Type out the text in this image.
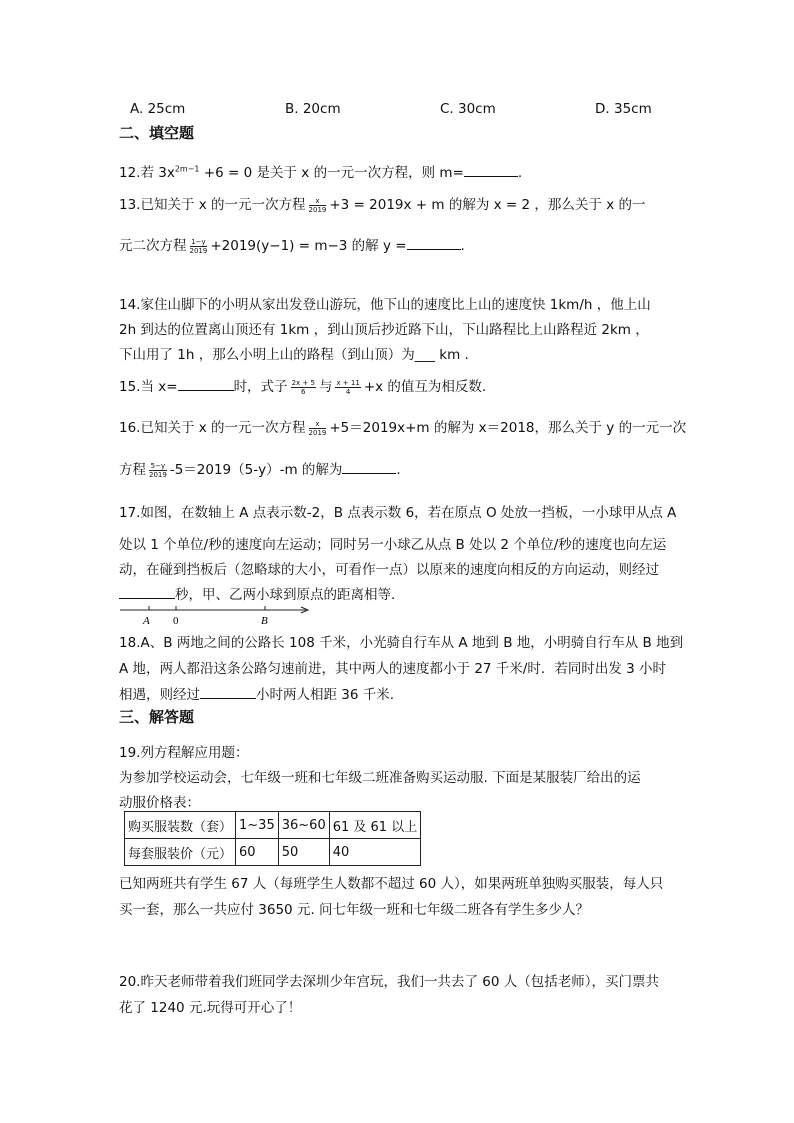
A. 25cm	B. 20cm	C. 30cm	D. 35cm
二、填空题
12.若 $3x^{2m-1} +6 = 0$ 是关于 x 的一元一次方程，则 m=	.
13.已知关于 x 的一元一次方程 $\frac{x}{2019} +3 = 2019x + m$ 的解为 x = 2 ，那么关于 x 的一
元二次方程 $\frac{1-y}{2019} +2019(y-1) = m-3$ 的解 y =	.
14.家住山脚下的小明从家出发登山游玩，他下山的速度比上山的速度快 1km/h ，他上山
2h 到达的位置离山顶还有 1km ，到山顶后抄近路下山，下山路程比上山路程近 2km ，
下山用了 1h ，那么小明上山的路程（到山顶）为___ km .
15.当 x=	时，式子 $\frac{2x + 5}{6}$ 与 $\frac{x + 11}{4} +x$ 的值互为相反数.
16.已知关于 x 的一元一次方程 $\frac{x}{2019} +5=2019x+m$ 的解为 x＝2018，那么关于 y 的一元一次
方程 $\frac{5-y}{2019} -5=2019(5-y)-m$ 的解为	.
17.如图，在数轴上 A 点表示数-2，B 点表示数 6，若在原点 O 处放一挡板，一小球甲从点 A
处以 1 个单位/秒的速度向左运动；同时另一小球乙从点 B 处以 2 个单位/秒的速度也向左运
动，在碰到挡板后（忽略球的大小，可看作一点）以原来的速度向相反的方向运动，则经过
秒，甲、乙两小球到原点的距离相等.
A 0	B
18.A、B 两地之间的公路长 108 千米，小光骑自行车从 A 地到 B 地，小明骑自行车从 B 地到
A 地，两人都沿这条公路匀速前进，其中两人的速度都小于 27 千米/时．若同时出发 3 小时
相遇，则经过	小时两人相距 36 千米.
三、解答题
19.列方程解应用题：
为参加学校运动会，七年级一班和七年级二班准备购买运动服. 下面是某服装厂给出的运
动服价格表：
购买服装数（套）	1~35	36~60	61 及 61 以上
每套服装价（元）	60	50	40
已知两班共有学生 67 人（每班学生人数都不超过 60 人），如果两班单独购买服装，每人只
买一套，那么一共应付 3650 元. 问七年级一班和七年级二班各有学生多少人？
20.昨天老师带着我们班同学去深圳少年宫玩，我们一共去了 60 人（包括老师），买门票共
花了 1240 元.玩得可开心了！
